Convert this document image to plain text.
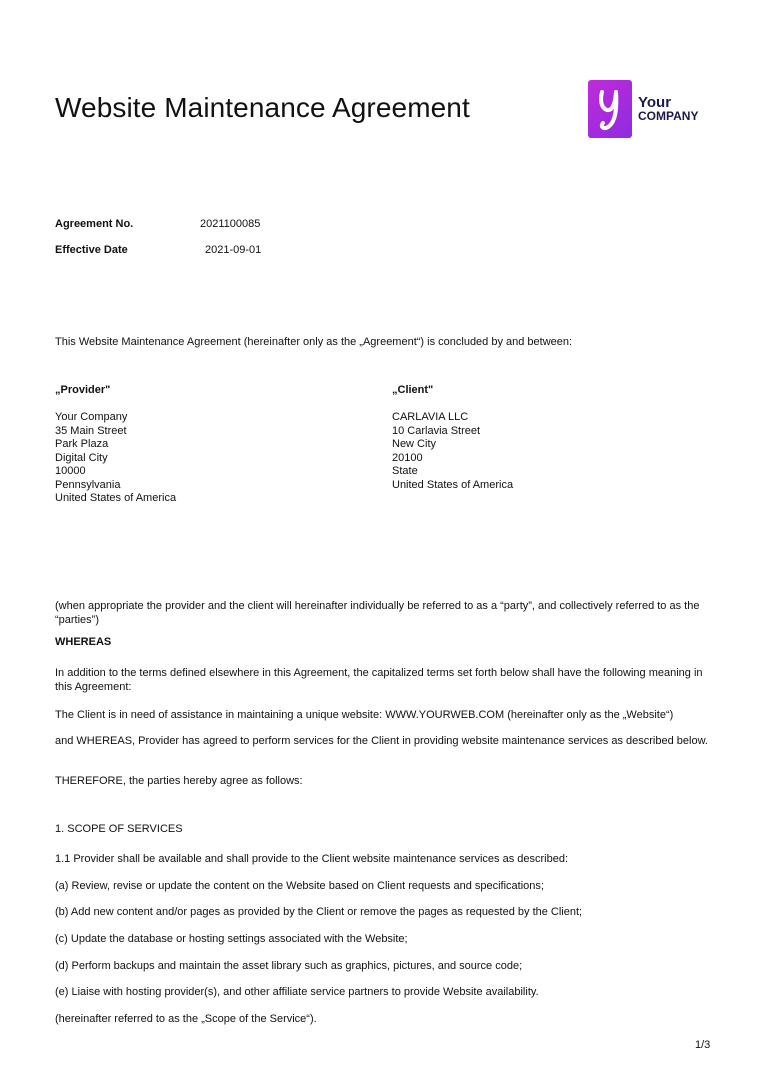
Website Maintenance Agreement	Your
COMPANY
Agreement No.	2021100085
Effective Date	2021-09-01
This Website Maintenance Agreement (hereinafter only as the „Agreement“) is concluded by and between:
„Provider"
Your Company
35 Main Street
Park Plaza
Digital City
10000
Pennsylvania
United States of America
„Client"
CARLAVIA LLC
10 Carlavia Street
New City
20100
State
United States of America
(when appropriate the provider and the client will hereinafter individually be referred to as a “party”, and collectively referred to as the “parties”)
WHEREAS
In addition to the terms defined elsewhere in this Agreement, the capitalized terms set forth below shall have the following meaning in this Agreement:
The Client is in need of assistance in maintaining a unique website: WWW.YOURWEB.COM (hereinafter only as the „Website“)
and WHEREAS, Provider has agreed to perform services for the Client in providing website maintenance services as described below.
THEREFORE, the parties hereby agree as follows:
1. SCOPE OF SERVICES
1.1 Provider shall be available and shall provide to the Client website maintenance services as described:
(a) Review, revise or update the content on the Website based on Client requests and specifications;
(b) Add new content and/or pages as provided by the Client or remove the pages as requested by the Client;
(c) Update the database or hosting settings associated with the Website;
(d) Perform backups and maintain the asset library such as graphics, pictures, and source code;
(e) Liaise with hosting provider(s), and other affiliate service partners to provide Website availability.
(hereinafter referred to as the „Scope of the Service“).
1/3
